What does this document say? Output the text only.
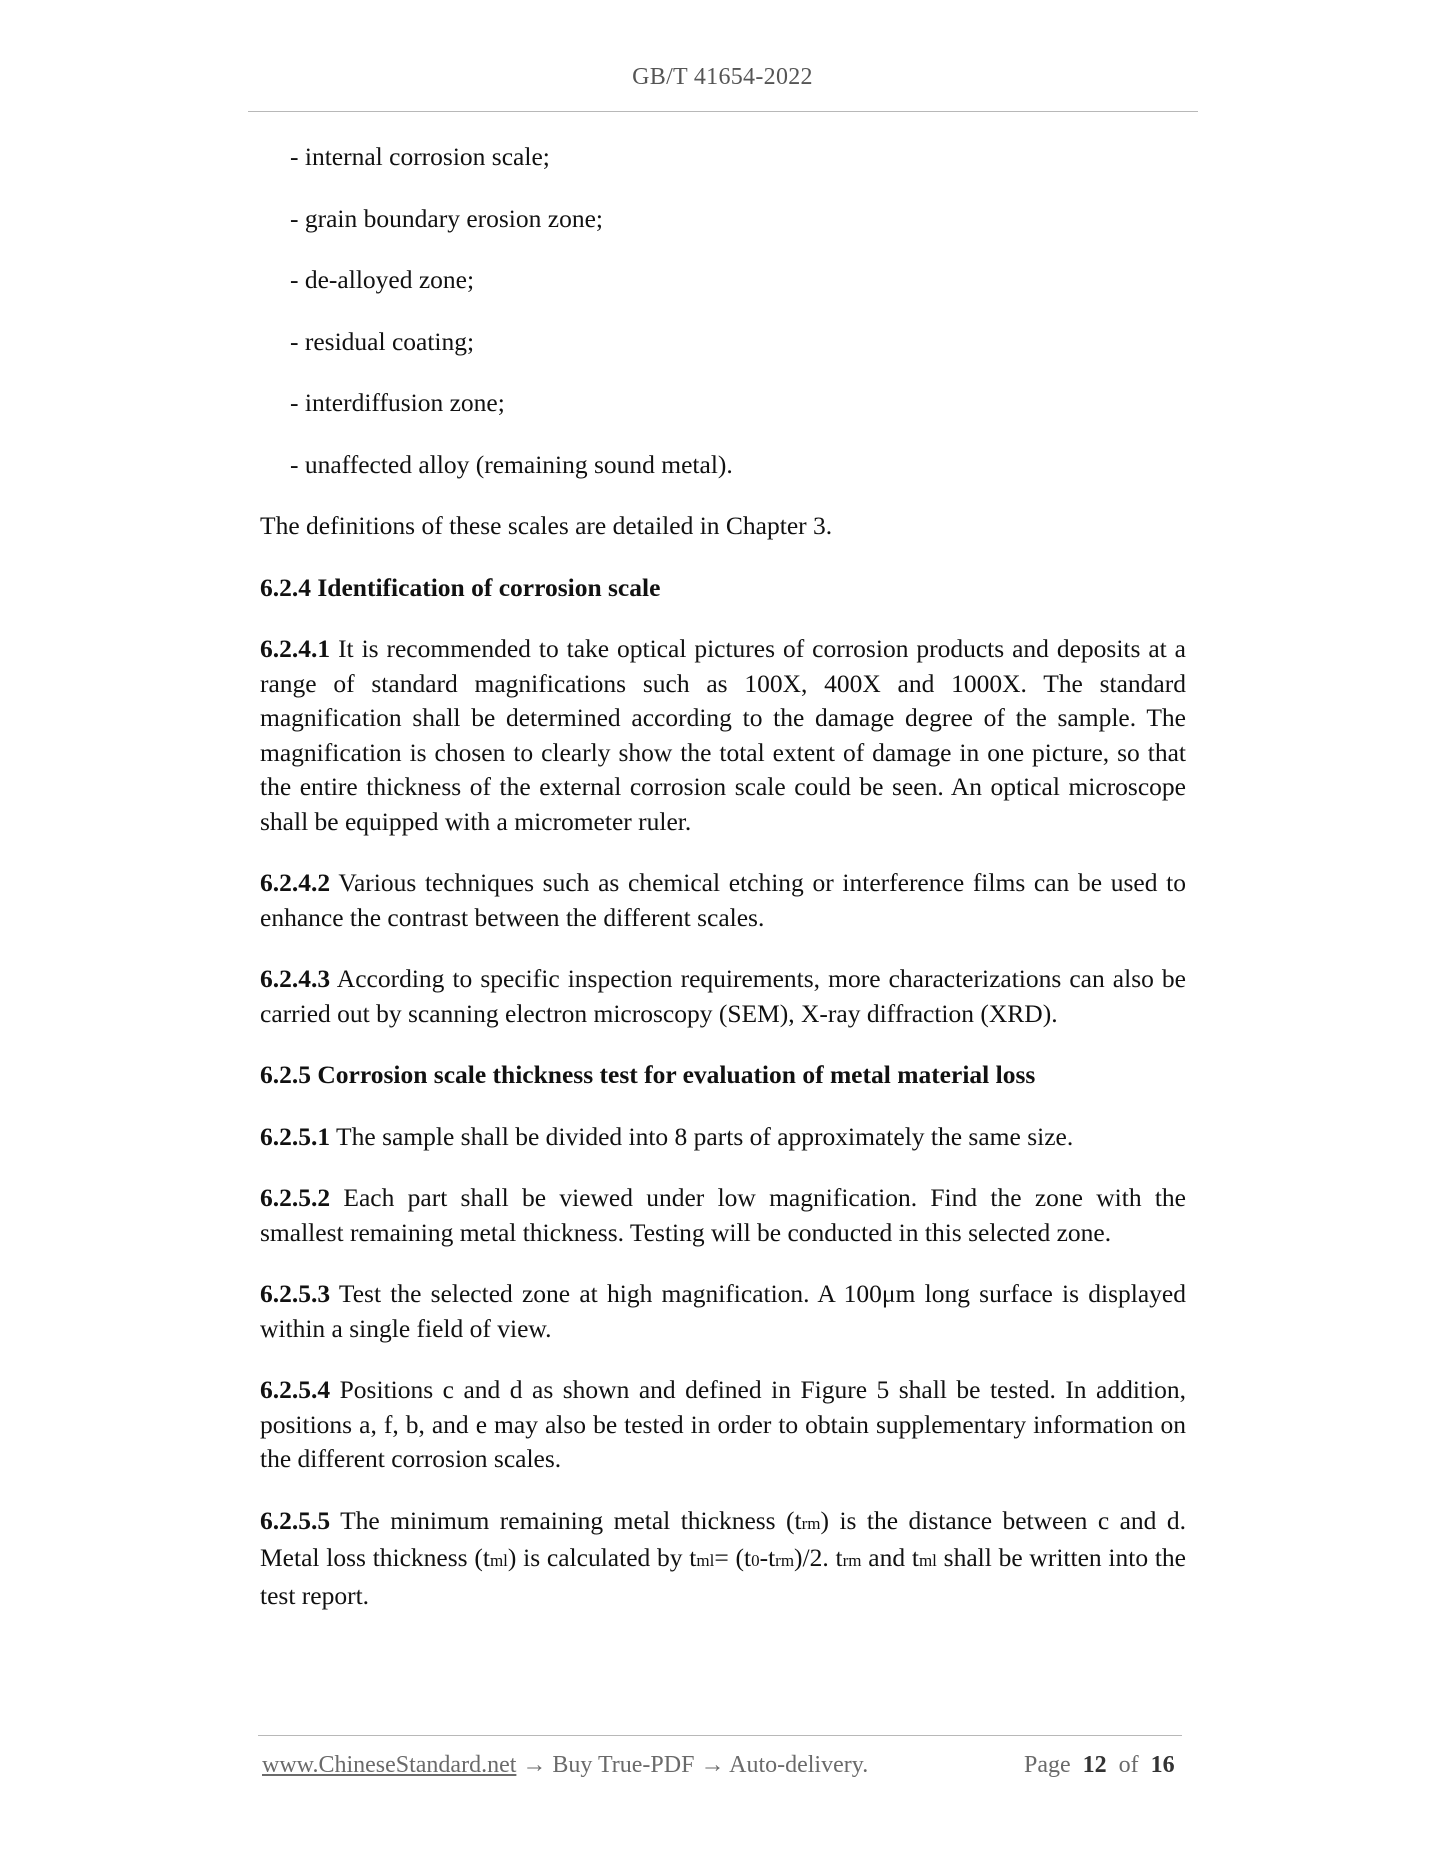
GB/T 41654-2022
- internal corrosion scale;
- grain boundary erosion zone;
- de-alloyed zone;
- residual coating;
- interdiffusion zone;
- unaffected alloy (remaining sound metal).
The definitions of these scales are detailed in Chapter 3.
6.2.4 Identification of corrosion scale
6.2.4.1 It is recommended to take optical pictures of corrosion products and deposits at a range of standard magnifications such as 100X, 400X and 1000X. The standard magnification shall be determined according to the damage degree of the sample. The magnification is chosen to clearly show the total extent of damage in one picture, so that the entire thickness of the external corrosion scale could be seen. An optical microscope shall be equipped with a micrometer ruler.
6.2.4.2 Various techniques such as chemical etching or interference films can be used to enhance the contrast between the different scales.
6.2.4.3 According to specific inspection requirements, more characterizations can also be carried out by scanning electron microscopy (SEM), X-ray diffraction (XRD).
6.2.5 Corrosion scale thickness test for evaluation of metal material loss
6.2.5.1 The sample shall be divided into 8 parts of approximately the same size.
6.2.5.2 Each part shall be viewed under low magnification. Find the zone with the smallest remaining metal thickness. Testing will be conducted in this selected zone.
6.2.5.3 Test the selected zone at high magnification. A 100μm long surface is displayed within a single field of view.
6.2.5.4 Positions c and d as shown and defined in Figure 5 shall be tested. In addition, positions a, f, b, and e may also be tested in order to obtain supplementary information on the different corrosion scales.
6.2.5.5 The minimum remaining metal thickness (trm) is the distance between c and d. Metal loss thickness (tml) is calculated by tml= (t0-trm)/2. trm and tml shall be written into the test report.
www.ChineseStandard.net → Buy True-PDF → Auto-delivery.	Page 12 of 16
